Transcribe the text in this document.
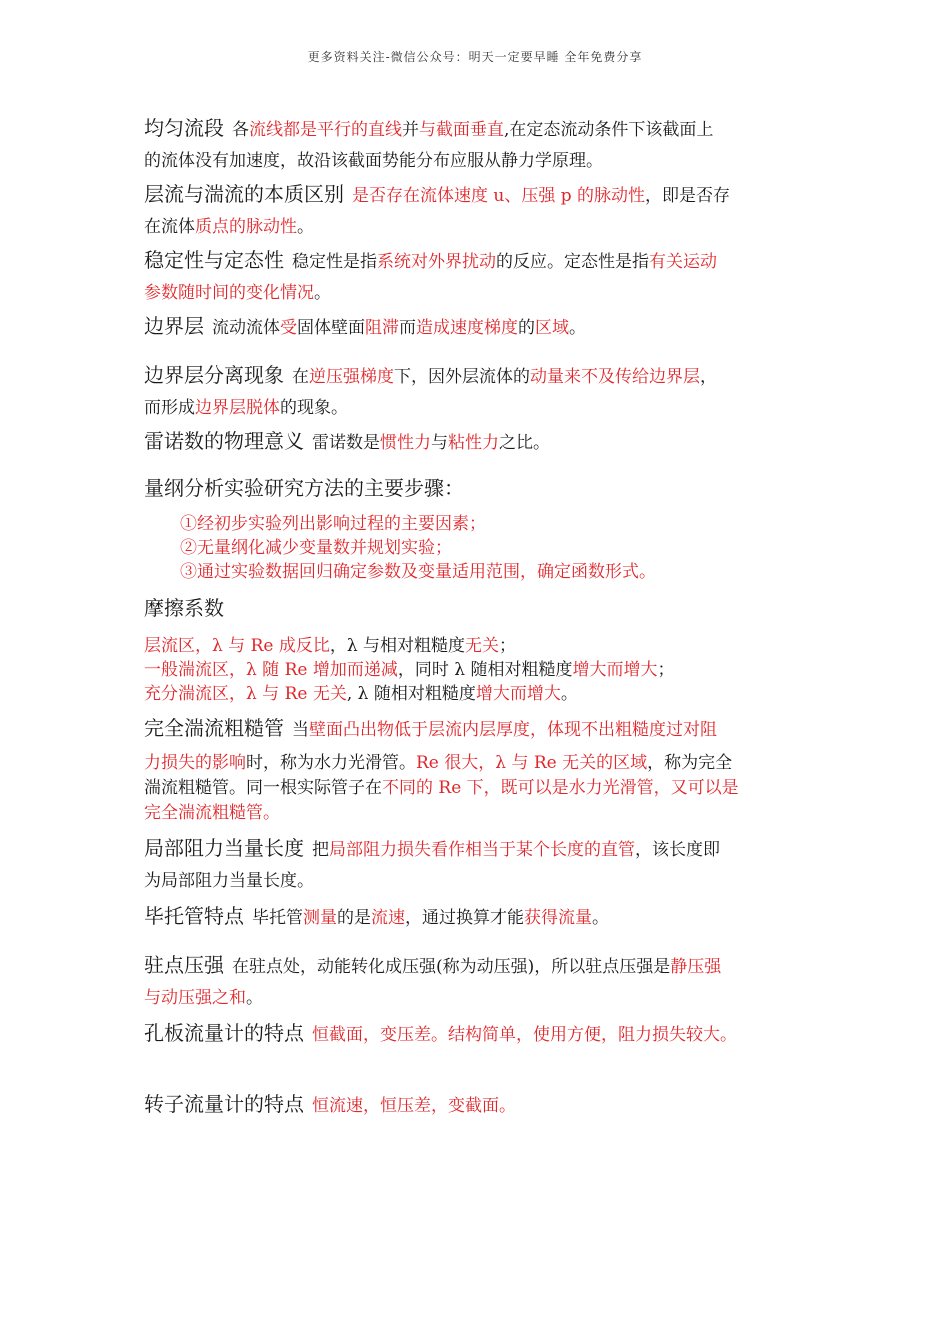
更多资料关注-微信公众号：明天一定要早睡 全年免费分享
均匀流段 各流线都是平行的直线并与截面垂直,在定态流动条件下该截面上
的流体没有加速度，故沿该截面势能分布应服从静力学原理。
层流与湍流的本质区别 是否存在流体速度 u、压强 p 的脉动性，即是否存
在流体质点的脉动性。
稳定性与定态性 稳定性是指系统对外界扰动的反应。定态性是指有关运动
参数随时间的变化情况。
边界层 流动流体受固体壁面阻滞而造成速度梯度的区域。
边界层分离现象 在逆压强梯度下，因外层流体的动量来不及传给边界层，
而形成边界层脱体的现象。
雷诺数的物理意义 雷诺数是惯性力与粘性力之比。
量纲分析实验研究方法的主要步骤：
①经初步实验列出影响过程的主要因素；
②无量纲化减少变量数并规划实验；
③通过实验数据回归确定参数及变量适用范围，确定函数形式。
摩擦系数
层流区，λ 与 Re 成反比，λ 与相对粗糙度无关；
一般湍流区，λ 随 Re 增加而递减，同时 λ 随相对粗糙度增大而增大；
充分湍流区，λ 与 Re 无关, λ 随相对粗糙度增大而增大。
完全湍流粗糙管 当壁面凸出物低于层流内层厚度，体现不出粗糙度过对阻
力损失的影响时，称为水力光滑管。Re 很大，λ 与 Re 无关的区域，称为完全
湍流粗糙管。同一根实际管子在不同的 Re 下，既可以是水力光滑管，又可以是
完全湍流粗糙管。
局部阻力当量长度 把局部阻力损失看作相当于某个长度的直管，该长度即
为局部阻力当量长度。
毕托管特点 毕托管测量的是流速，通过换算才能获得流量。
驻点压强 在驻点处，动能转化成压强(称为动压强)，所以驻点压强是静压强
与动压强之和。
孔板流量计的特点 恒截面，变压差。结构简单，使用方便，阻力损失较大。
转子流量计的特点 恒流速，恒压差，变截面。
